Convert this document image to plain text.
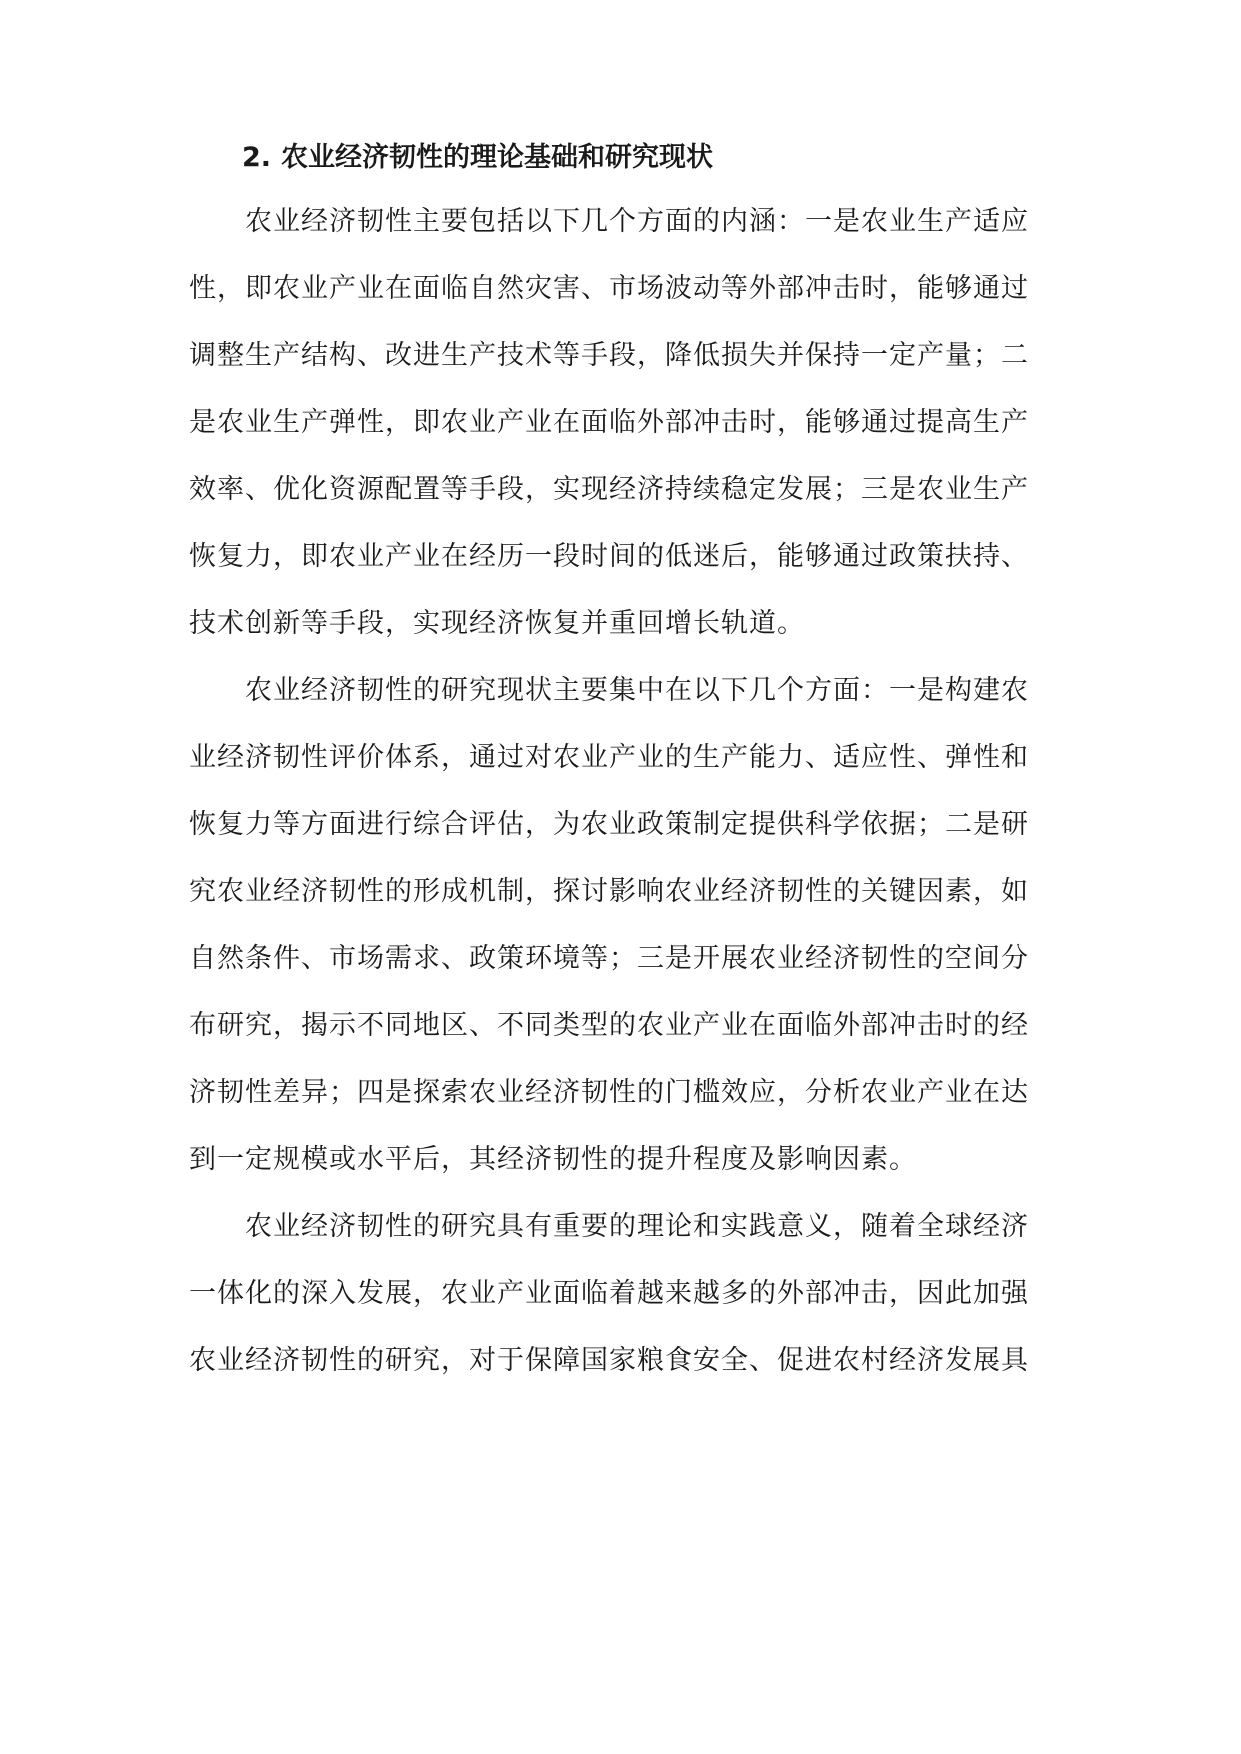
2. 农业经济韧性的理论基础和研究现状

农业经济韧性主要包括以下几个方面的内涵：一是农业生产适应

性，即农业产业在面临自然灾害、市场波动等外部冲击时，能够通过

调整生产结构、改进生产技术等手段，降低损失并保持一定产量；二

是农业生产弹性，即农业产业在面临外部冲击时，能够通过提高生产

效率、优化资源配置等手段，实现经济持续稳定发展；三是农业生产

恢复力，即农业产业在经历一段时间的低迷后，能够通过政策扶持、

技术创新等手段，实现经济恢复并重回增长轨道。

农业经济韧性的研究现状主要集中在以下几个方面：一是构建农

业经济韧性评价体系，通过对农业产业的生产能力、适应性、弹性和

恢复力等方面进行综合评估，为农业政策制定提供科学依据；二是研

究农业经济韧性的形成机制，探讨影响农业经济韧性的关键因素，如

自然条件、市场需求、政策环境等；三是开展农业经济韧性的空间分

布研究，揭示不同地区、不同类型的农业产业在面临外部冲击时的经

济韧性差异；四是探索农业经济韧性的门槛效应，分析农业产业在达

到一定规模或水平后，其经济韧性的提升程度及影响因素。

农业经济韧性的研究具有重要的理论和实践意义，随着全球经济

一体化的深入发展，农业产业面临着越来越多的外部冲击，因此加强

农业经济韧性的研究，对于保障国家粮食安全、促进农村经济发展具
